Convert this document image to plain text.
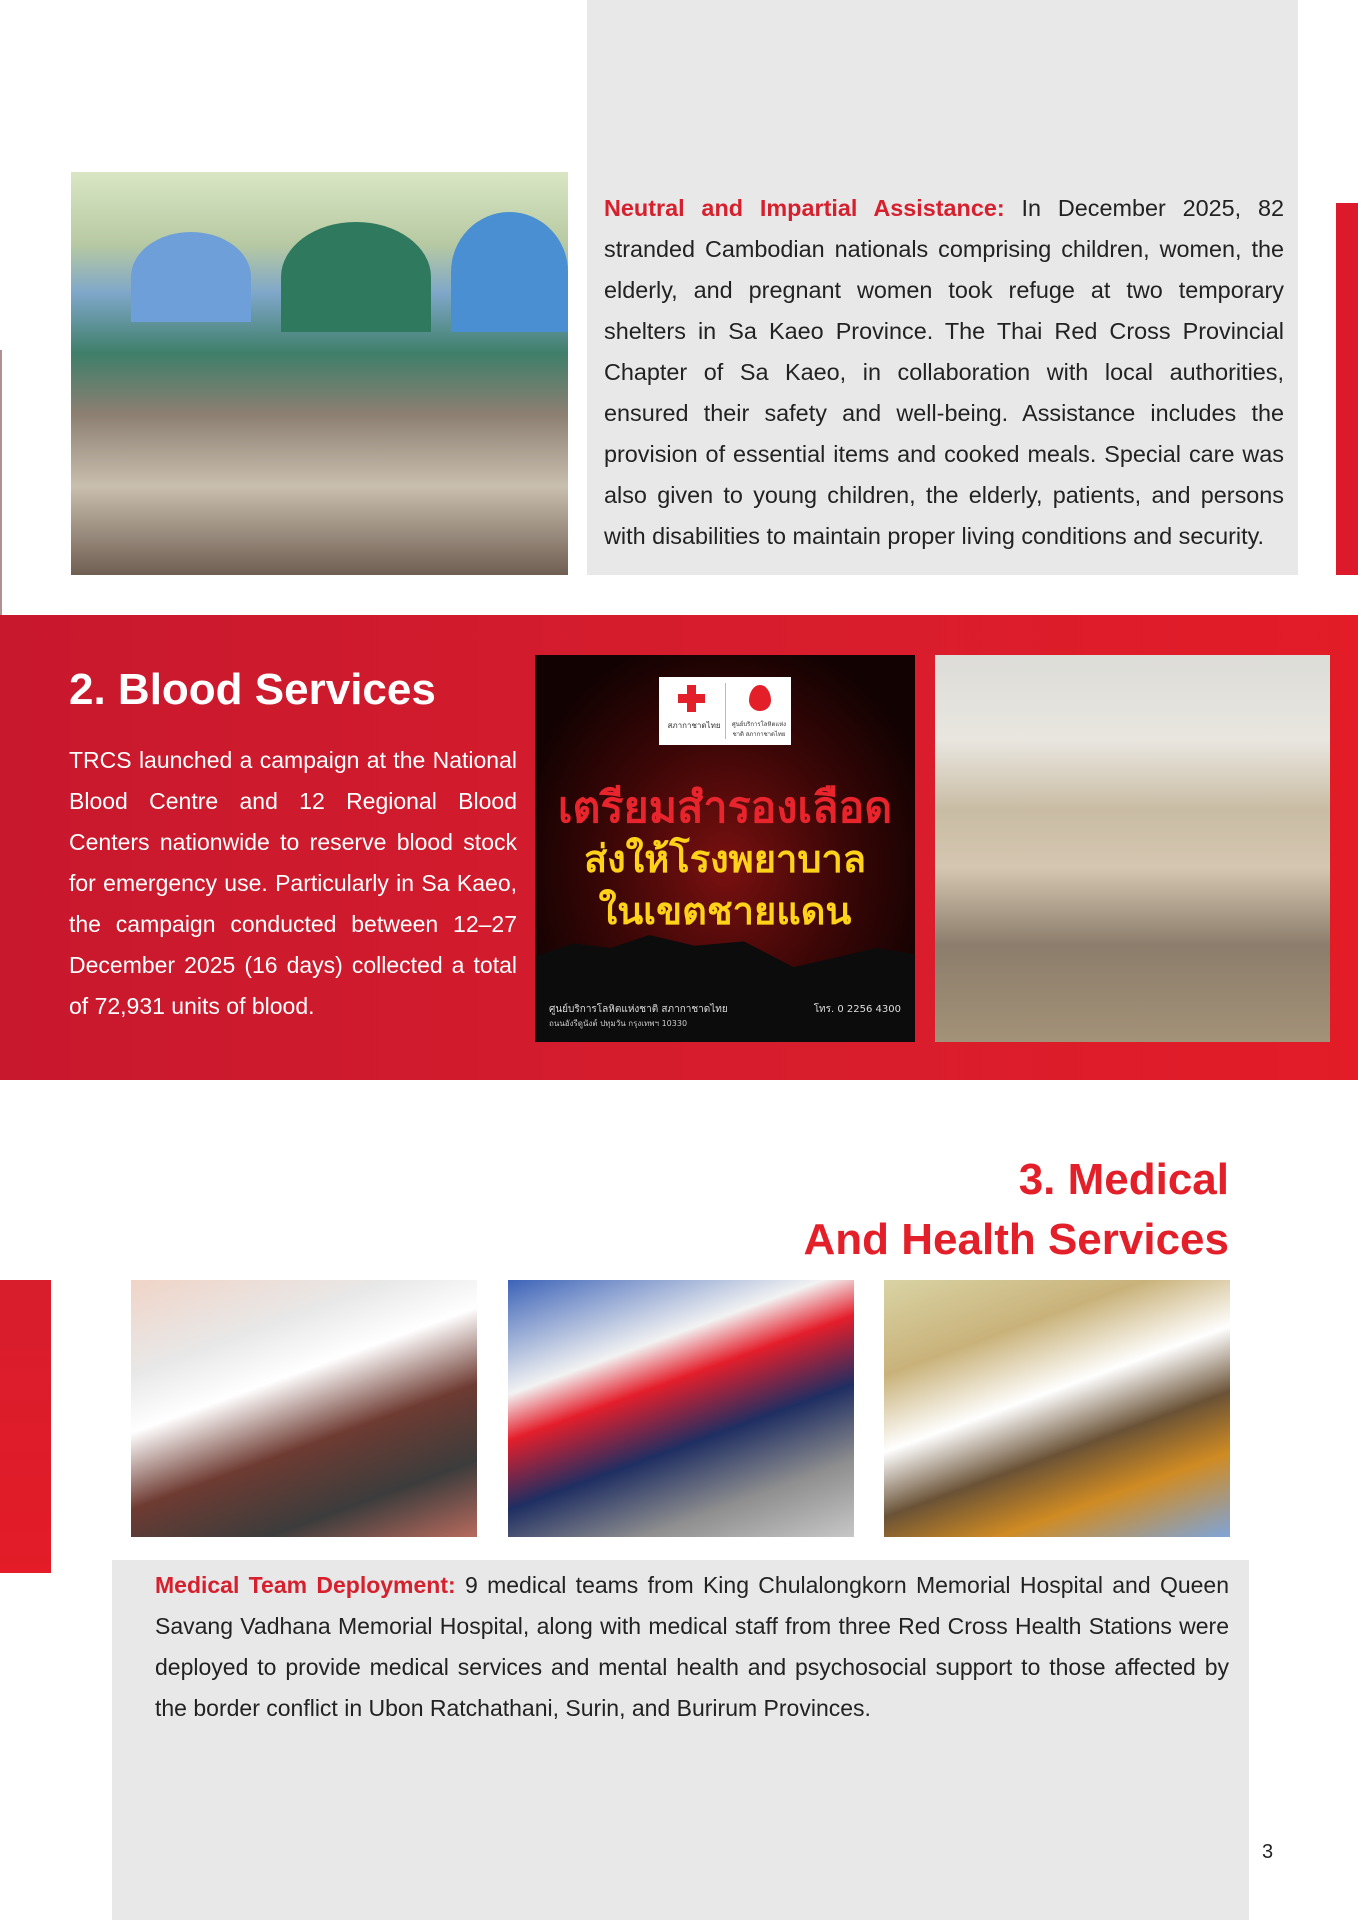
Neutral and Impartial Assistance: In December 2025, 82 stranded Cambodian nationals comprising children, women, the elderly, and pregnant women took refuge at two temporary shelters in Sa Kaeo Province. The Thai Red Cross Provincial Chapter of Sa Kaeo, in collaboration with local authorities, ensured their safety and well-being. Assistance includes the provision of essential items and cooked meals. Special care was also given to young children, the elderly, patients, and persons with disabilities to maintain proper living conditions and security.

2. Blood Services

TRCS launched a campaign at the National Blood Centre and 12 Regional Blood Centers nationwide to reserve blood stock for emergency use. Particularly in Sa Kaeo, the campaign conducted between 12–27 December 2025 (16 days) collected a total of 72,931 units of blood.

สภากาชาดไทย	ศูนย์บริการโลหิตแห่งชาติ สภากาชาดไทย
เตรียมสำรองเลือด
ส่งให้โรงพยาบาล
ในเขตชายแดน
ศูนย์บริการโลหิตแห่งชาติ สภากาชาดไทย
ถนนอังรีดูนังต์ ปทุมวัน กรุงเทพฯ 10330
โทร. 0 2256 4300
3. Medical
And Health Services

Medical Team Deployment: 9 medical teams from King Chulalongkorn Memorial Hospital and Queen Savang Vadhana Memorial Hospital, along with medical staff from three Red Cross Health Stations were deployed to provide medical services and mental health and psychosocial support to those affected by the border conflict in Ubon Ratchathani, Surin, and Burirum Provinces.

3
